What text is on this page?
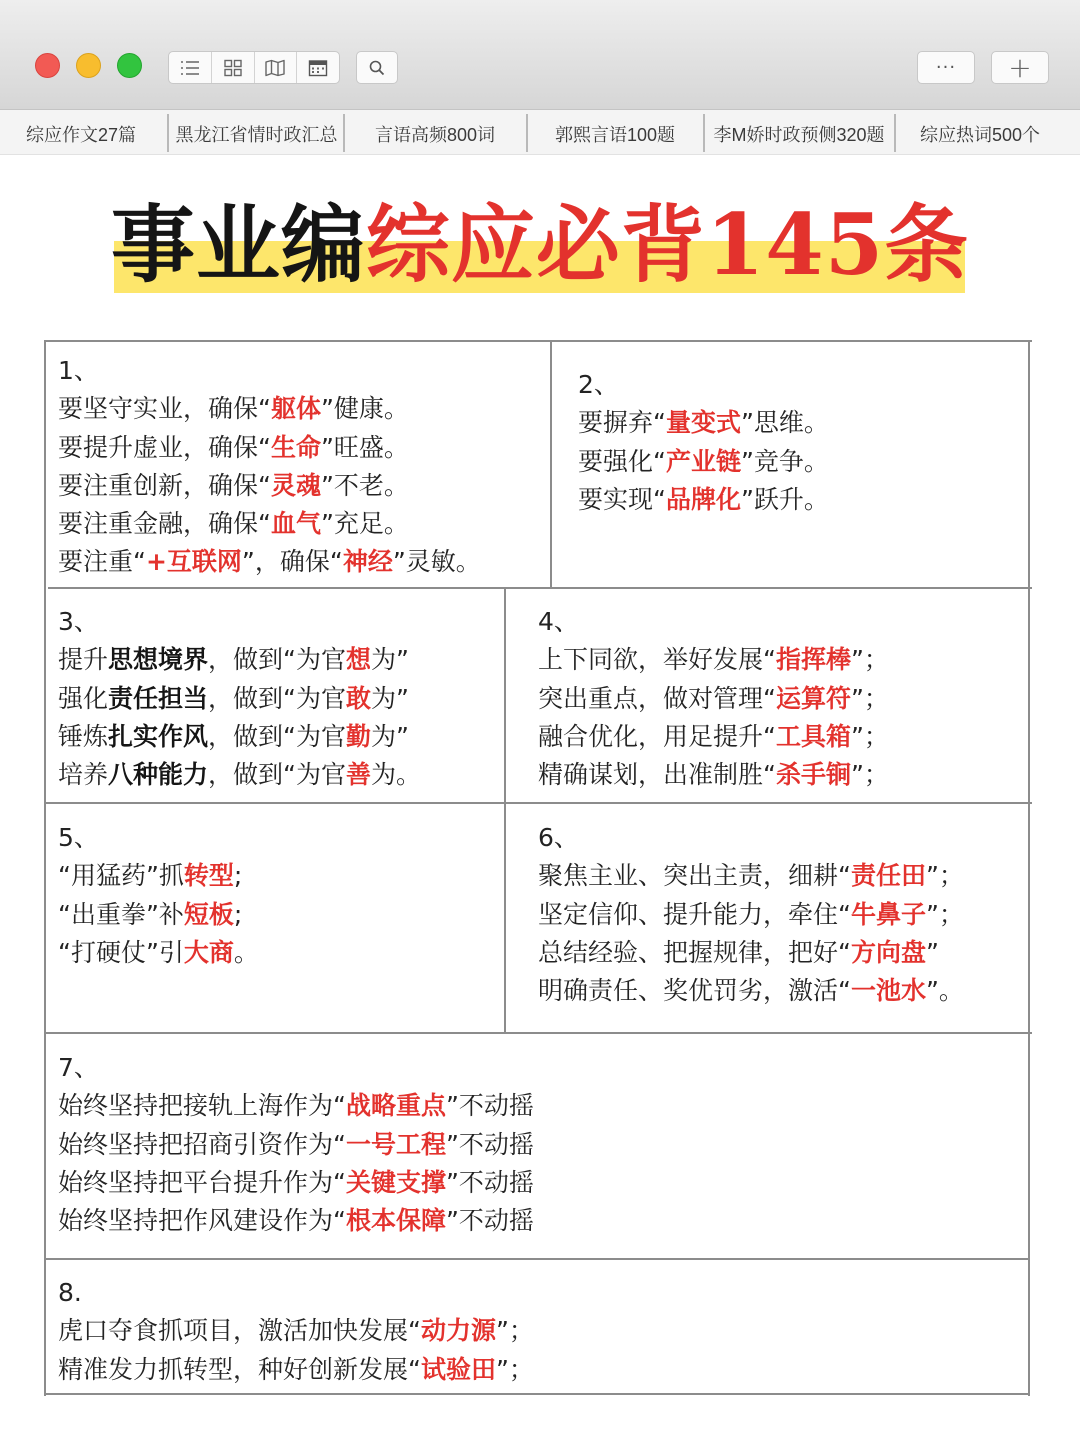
··· +
综应作文27篇	黑龙江省情时政汇总	言语高频800词	郭熙言语100题	李M娇时政预侧320题	综应热词500个
事业编综应必背145条
1、
要坚守实业，确保“躯体”健康。
要提升虚业，确保“生命”旺盛。
要注重创新，确保“灵魂”不老。
要注重金融，确保“血气”充足。
要注重“+互联网”，确保“神经”灵敏。
2、
要摒弃“量变式”思维。
要强化“产业链”竞争。
要实现“品牌化”跃升。
3、
提升思想境界，做到“为官想为”
强化责任担当，做到“为官敢为”
锤炼扎实作风，做到“为官勤为”
培养八种能力，做到“为官善为。
4、
上下同欲，举好发展“指挥棒”；
突出重点，做对管理“运算符”；
融合优化，用足提升“工具箱”；
精确谋划，出准制胜“杀手锏”；
5、
“用猛药”抓转型;
“出重拳”补短板;
“打硬仗”引大商。
6、
聚焦主业、突出主责，细耕“责任田”；
坚定信仰、提升能力，牵住“牛鼻子”；
总结经验、把握规律，把好“方向盘”
明确责任、奖优罚劣，激活“一池水”。
7、
始终坚持把接轨上海作为“战略重点”不动摇
始终坚持把招商引资作为“一号工程”不动摇
始终坚持把平台提升作为“关键支撑”不动摇
始终坚持把作风建设作为“根本保障”不动摇
8.
虎口夺食抓项目，激活加快发展“动力源”；
精准发力抓转型，种好创新发展“试验田”；
